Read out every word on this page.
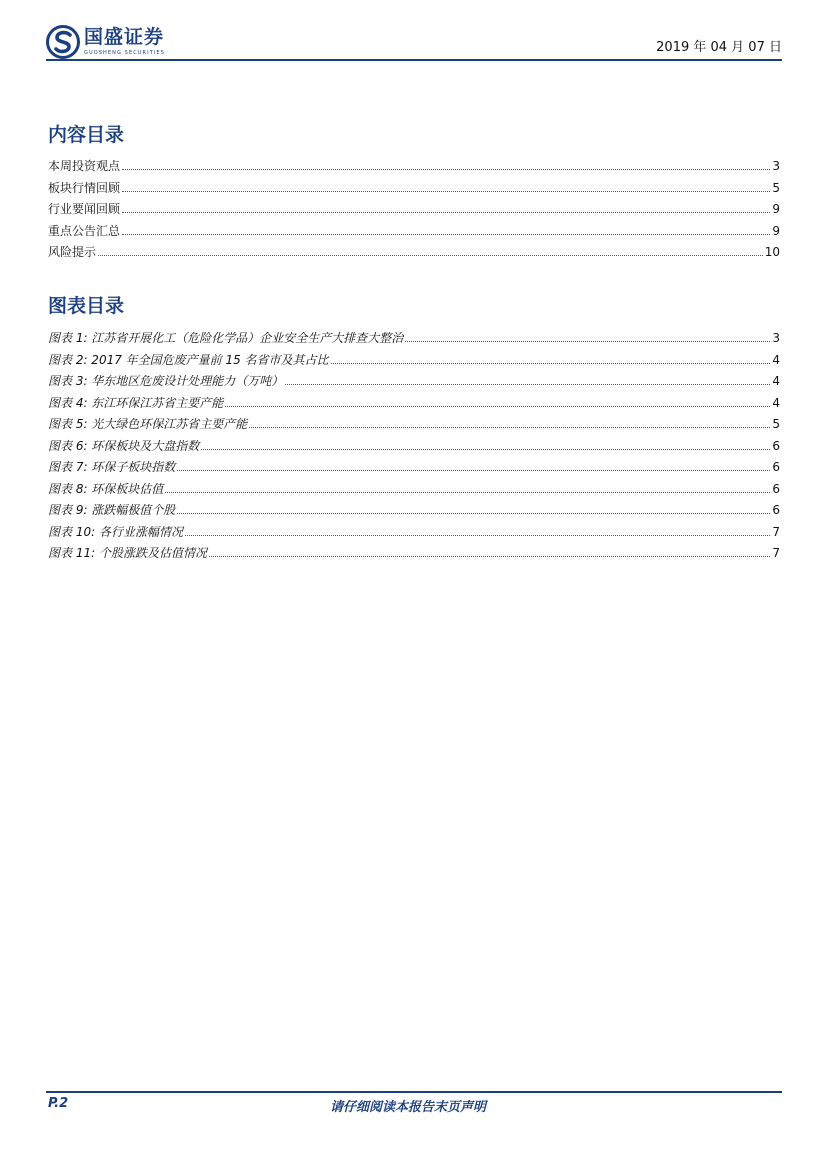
国盛证券
GUOSHENG SECURITIES	2019 年 04 月 07 日
内容目录
本周投资观点	3
板块行情回顾	5
行业要闻回顾	9
重点公告汇总	9
风险提示	10
图表目录
图表 1: 江苏省开展化工（危险化学品）企业安全生产大排查大整治	3
图表 2: 2017 年全国危废产量前 15 名省市及其占比	4
图表 3: 华东地区危废设计处理能力（万吨）	4
图表 4: 东江环保江苏省主要产能	4
图表 5: 光大绿色环保江苏省主要产能	5
图表 6: 环保板块及大盘指数	6
图表 7: 环保子板块指数	6
图表 8: 环保板块估值	6
图表 9: 涨跌幅极值个股	6
图表 10: 各行业涨幅情况	7
图表 11: 个股涨跌及估值情况	7
P.2	请仔细阅读本报告末页声明
